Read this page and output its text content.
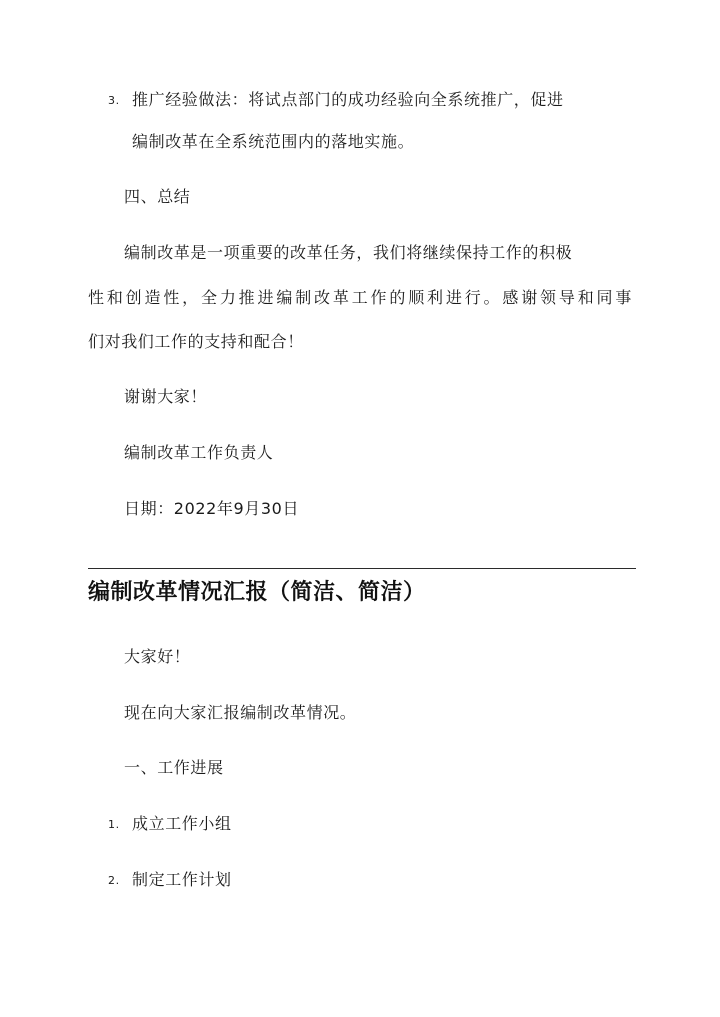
3. 推广经验做法：将试点部门的成功经验向全系统推广，促进
编制改革在全系统范围内的落地实施。
四、总结
编制改革是一项重要的改革任务，我们将继续保持工作的积极
性和创造性，全力推进编制改革工作的顺利进行。感谢领导和同事
们对我们工作的支持和配合！
谢谢大家！
编制改革工作负责人
日期：2022年9月30日
编制改革情况汇报（简洁、简洁）
大家好！
现在向大家汇报编制改革情况。
一、工作进展
1. 成立工作小组
2. 制定工作计划
